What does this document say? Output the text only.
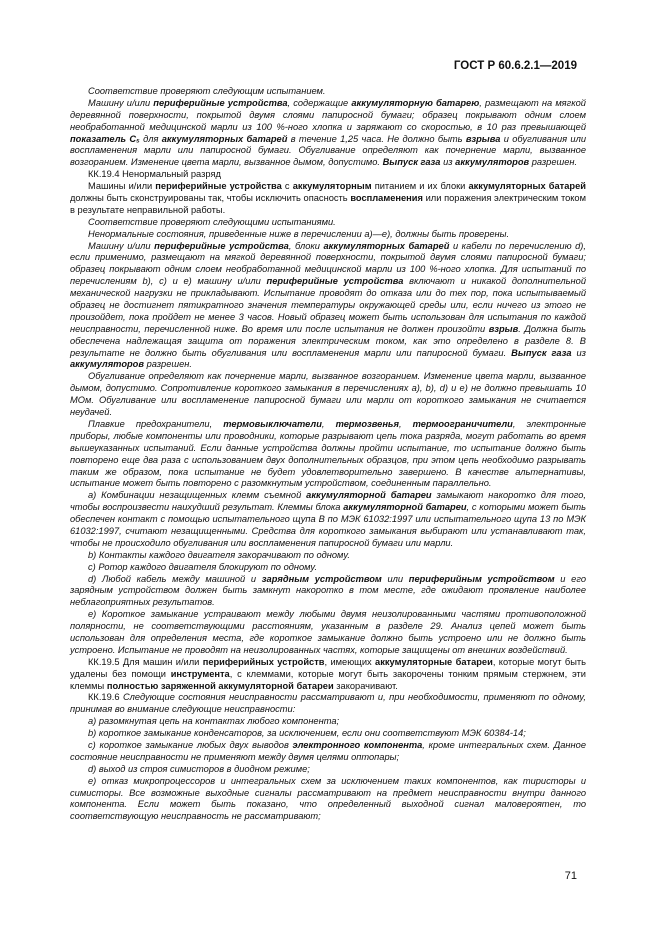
ГОСТ Р 60.6.2.1—2019

Соответствие проверяют следующим испытанием.

Машину и/или периферийные устройства, содержащие аккумуляторную батарею, размещают на мягкой деревянной поверхности, покрытой двумя слоями папиросной бумаги; образец покрывают одним слоем необработанной медицинской марли из 100 %-ного хлопка и заряжают со скоростью, в 10 раз превышающей показатель C₅ для аккумуляторных батарей в течение 1,25 часа. Не должно быть взрыва и обугливания или воспламенения марли или папиросной бумаги. Обугливание определяют как почернение марли, вызванное возгоранием. Изменение цвета марли, вызванное дымом, допустимо. Выпуск газа из аккумуляторов разрешен.

КК.19.4 Ненормальный разряд

Машины и/или периферийные устройства с аккумуляторным питанием и их блоки аккумуляторных батарей должны быть сконструированы так, чтобы исключить опасность воспламенения или поражения электрическим током в результате неправильной работы.

Соответствие проверяют следующими испытаниями.

Ненормальные состояния, приведенные ниже в перечислении а)—е), должны быть проверены.

Машину и/или периферийные устройства, блоки аккумуляторных батарей и кабели по перечислению d), если применимо, размещают на мягкой деревянной поверхности, покрытой двумя слоями папиросной бумаги; образец покрывают одним слоем необработанной медицинской марли из 100 %-ного хлопка. Для испытаний по перечислениям b), с) и е) машину и/или периферийные устройства включают и никакой дополнительной механической нагрузки не прикладывают. Испытание проводят до отказа или до тех пор, пока испытываемый образец не достигнет пятикратного значения температуры окружающей среды или, если ничего из этого не произойдет, пока пройдет не менее 3 часов. Новый образец может быть использован для испытания по каждой неисправности, перечисленной ниже. Во время или после испытания не должен произойти взрыв. Должна быть обеспечена надлежащая защита от поражения электрическим током, как это определено в разделе 8. В результате не должно быть обугливания или воспламенения марли или папиросной бумаги. Выпуск газа из аккумуляторов разрешен.

Обугливание определяют как почернение марли, вызванное возгоранием. Изменение цвета марли, вызванное дымом, допустимо. Сопротивление короткого замыкания в перечислениях а), b), d) и е) не должно превышать 10 МОм. Обугливание или воспламенение папиросной бумаги или марли от короткого замыкания не считается неудачей.

Плавкие предохранители, термовыключатели, термозвенья, термоограничители, электронные приборы, любые компоненты или проводники, которые разрывают цепь тока разряда, могут работать во время вышеуказанных испытаний. Если данные устройства должны пройти испытание, то испытание должно быть повторено еще два раза с использованием двух дополнительных образцов, при этом цепь необходимо разрывать таким же образом, пока испытание не будет удовлетворительно завершено. В качестве альтернативы, испытание может быть повторено с разомкнутым устройством, соединенным параллельно.

а) Комбинации незащищенных клемм съемной аккумуляторной батареи замыкают накоротко для того, чтобы воспроизвести наихудший результат. Клеммы блока аккумуляторной батареи, с которыми может быть обеспечен контакт с помощью испытательного щупа B по МЭК 61032:1997 или испытательного щупа 13 по МЭК 61032:1997, считают незащищенными. Средства для короткого замыкания выбирают или устанавливают так, чтобы не происходило обугливания или воспламенения папиросной бумаги или марли.

b) Контакты каждого двигателя закорачивают по одному.

c) Ротор каждого двигателя блокируют по одному.

d) Любой кабель между машиной и зарядным устройством или периферийным устройством и его зарядным устройством должен быть замкнут накоротко в том месте, где ожидают проявление наиболее неблагоприятных результатов.

е) Короткое замыкание устраивают между любыми двумя неизолированными частями противоположной полярности, не соответствующими расстояниям, указанным в разделе 29. Анализ цепей может быть использован для определения места, где короткое замыкание должно быть устроено или не должно быть устроено. Испытание не проводят на неизолированных частях, которые защищены от внешних воздействий.

КК.19.5 Для машин и/или периферийных устройств, имеющих аккумуляторные батареи, которые могут быть удалены без помощи инструмента, с клеммами, которые могут быть закорочены тонким прямым стержнем, эти клеммы полностью заряженной аккумуляторной батареи закорачивают.

КК.19.6 Следующие состояния неисправности рассматривают и, при необходимости, применяют по одному, принимая во внимание следующие неисправности:

а) разомкнутая цепь на контактах любого компонента;

b) короткое замыкание конденсаторов, за исключением, если они соответствуют МЭК 60384-14;

с) короткое замыкание любых двух выводов электронного компонента, кроме интегральных схем. Данное состояние неисправности не применяют между двумя целями оптопары;

d) выход из строя симисторов в диодном режиме;

е) отказ микропроцессоров и интегральных схем за исключением таких компонентов, как тиристоры и симисторы. Все возможные выходные сигналы рассматривают на предмет неисправности внутри данного компонента. Если может быть показано, что определенный выходной сигнал маловероятен, то соответствующую неисправность не рассматривают;

71
